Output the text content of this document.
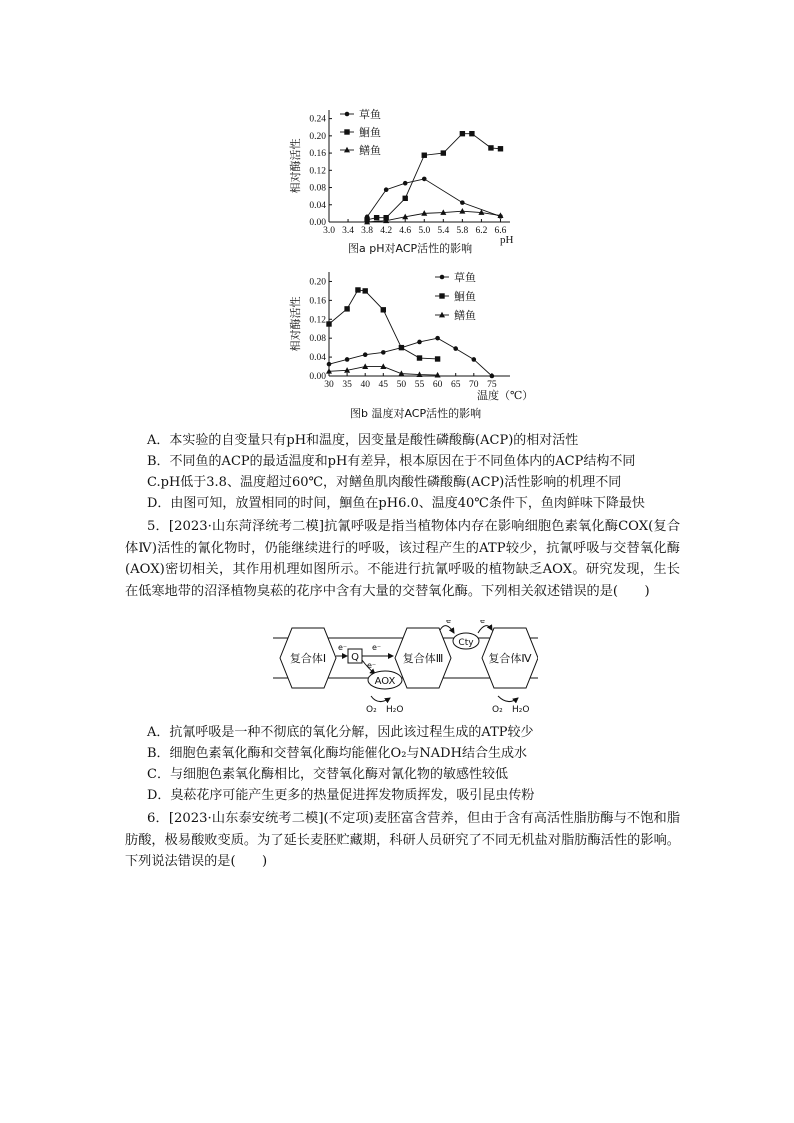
0.00
0.04
0.08
0.12
0.16
0.20
0.24
3.0 3.4 3.8 4.2 4.6 5.0 5.4 5.8 6.2 6.6
pH
相对酶活性
草鱼
鮰鱼
鳝鱼
图a pH对ACP活性的影响
0.00
0.04
0.08
0.12
0.16
0.20
30 35 40 45 50 55 60 65 70 75
温度（℃）
相对酶活性
草鱼
鮰鱼
鳝鱼
图b 温度对ACP活性的影响
A．本实验的自变量只有pH和温度，因变量是酸性磷酸酶(ACP)的相对活性
B．不同鱼的ACP的最适温度和pH有差异，根本原因在于不同鱼体内的ACP结构不同
C.pH低于3.8、温度超过60℃，对鳝鱼肌肉酸性磷酸酶(ACP)活性影响的机理不同
D．由图可知，放置相同的时间，鮰鱼在pH6.0、温度40℃条件下，鱼肉鲜味下降最快
5．[2023·山东菏泽统考二模]抗氰呼吸是指当植物体内存在影响细胞色素氧化酶COX(复合体Ⅳ)活性的氰化物时，仍能继续进行的呼吸，该过程产生的ATP较少，抗氰呼吸与交替氧化酶(AOX)密切相关，其作用机理如图所示。不能进行抗氰呼吸的植物缺乏AOX。研究发现，生长在低寒地带的沼泽植物臭菘的花序中含有大量的交替氧化酶。下列相关叙述错误的是(　　)
复合体Ⅰ Q
e⁻	e⁻
e⁻
AOX
O₂ H₂O
复合体Ⅲ
Cty
e⁻	e⁻
复合体Ⅳ
O₂ H₂O
A．抗氰呼吸是一种不彻底的氧化分解，因此该过程生成的ATP较少
B．细胞色素氧化酶和交替氧化酶均能催化O₂与NADH结合生成水
C．与细胞色素氧化酶相比，交替氧化酶对氰化物的敏感性较低
D．臭菘花序可能产生更多的热量促进挥发物质挥发，吸引昆虫传粉
6．[2023·山东泰安统考二模](不定项)麦胚富含营养，但由于含有高活性脂肪酶与不饱和脂肪酸，极易酸败变质。为了延长麦胚贮藏期，科研人员研究了不同无机盐对脂肪酶活性的影响。下列说法错误的是(　　)
